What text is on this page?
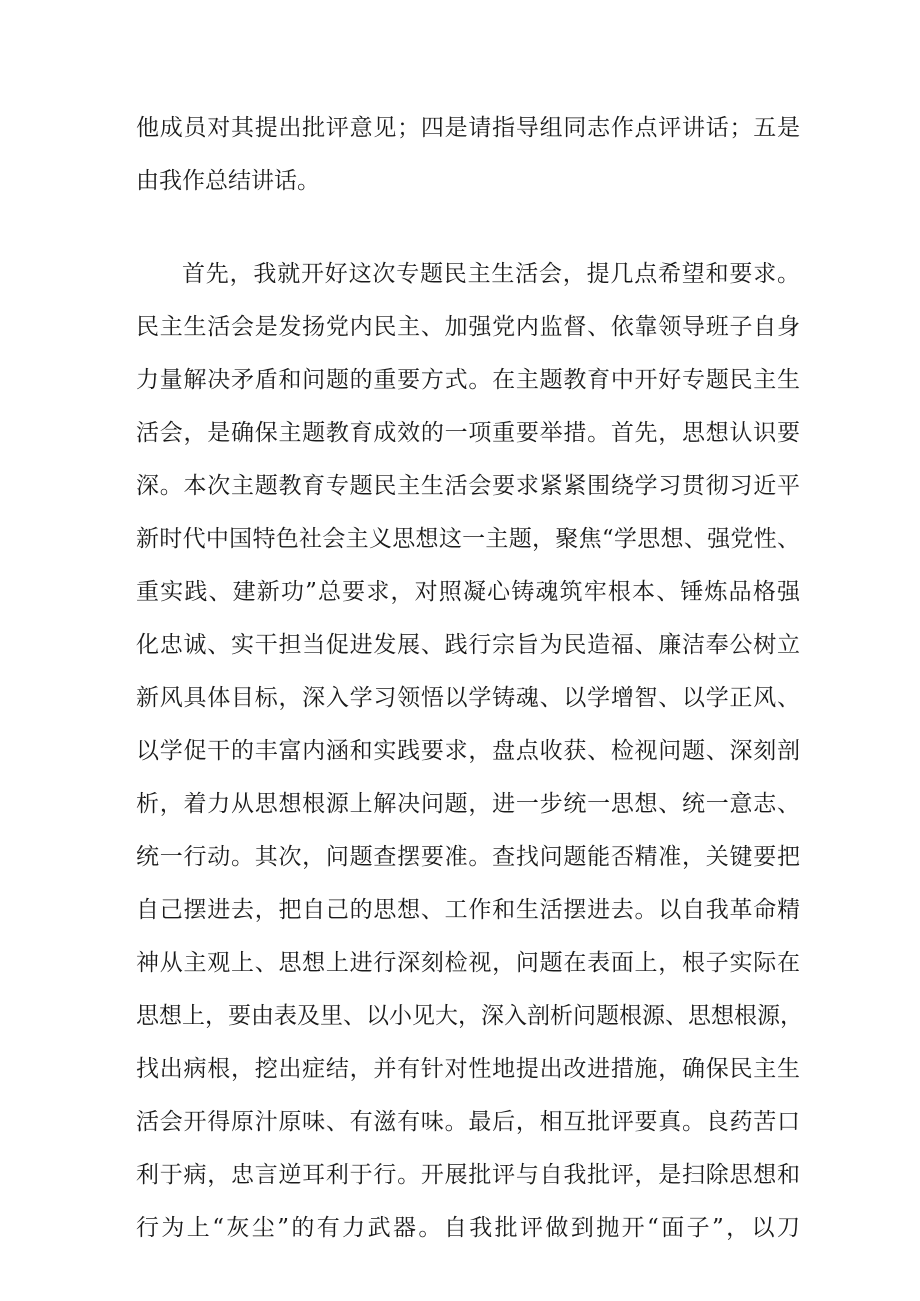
他成员对其提出批评意见；四是请指导组同志作点评讲话；五是
由我作总结讲话。
首先，我就开好这次专题民主生活会，提几点希望和要求。
民主生活会是发扬党内民主、加强党内监督、依靠领导班子自身
力量解决矛盾和问题的重要方式。在主题教育中开好专题民主生
活会，是确保主题教育成效的一项重要举措。首先，思想认识要
深。本次主题教育专题民主生活会要求紧紧围绕学习贯彻习近平
新时代中国特色社会主义思想这一主题，聚焦“学思想、强党性、
重实践、建新功”总要求，对照凝心铸魂筑牢根本、锤炼品格强
化忠诚、实干担当促进发展、践行宗旨为民造福、廉洁奉公树立
新风具体目标，深入学习领悟以学铸魂、以学增智、以学正风、
以学促干的丰富内涵和实践要求，盘点收获、检视问题、深刻剖
析，着力从思想根源上解决问题，进一步统一思想、统一意志、
统一行动。其次，问题查摆要准。查找问题能否精准，关键要把
自己摆进去，把自己的思想、工作和生活摆进去。以自我革命精
神从主观上、思想上进行深刻检视，问题在表面上，根子实际在
思想上，要由表及里、以小见大，深入剖析问题根源、思想根源，
找出病根，挖出症结，并有针对性地提出改进措施，确保民主生
活会开得原汁原味、有滋有味。最后，相互批评要真。良药苦口
利于病，忠言逆耳利于行。开展批评与自我批评，是扫除思想和
行为上“灰尘”的有力武器。自我批评做到抛开“面子”，以刀
